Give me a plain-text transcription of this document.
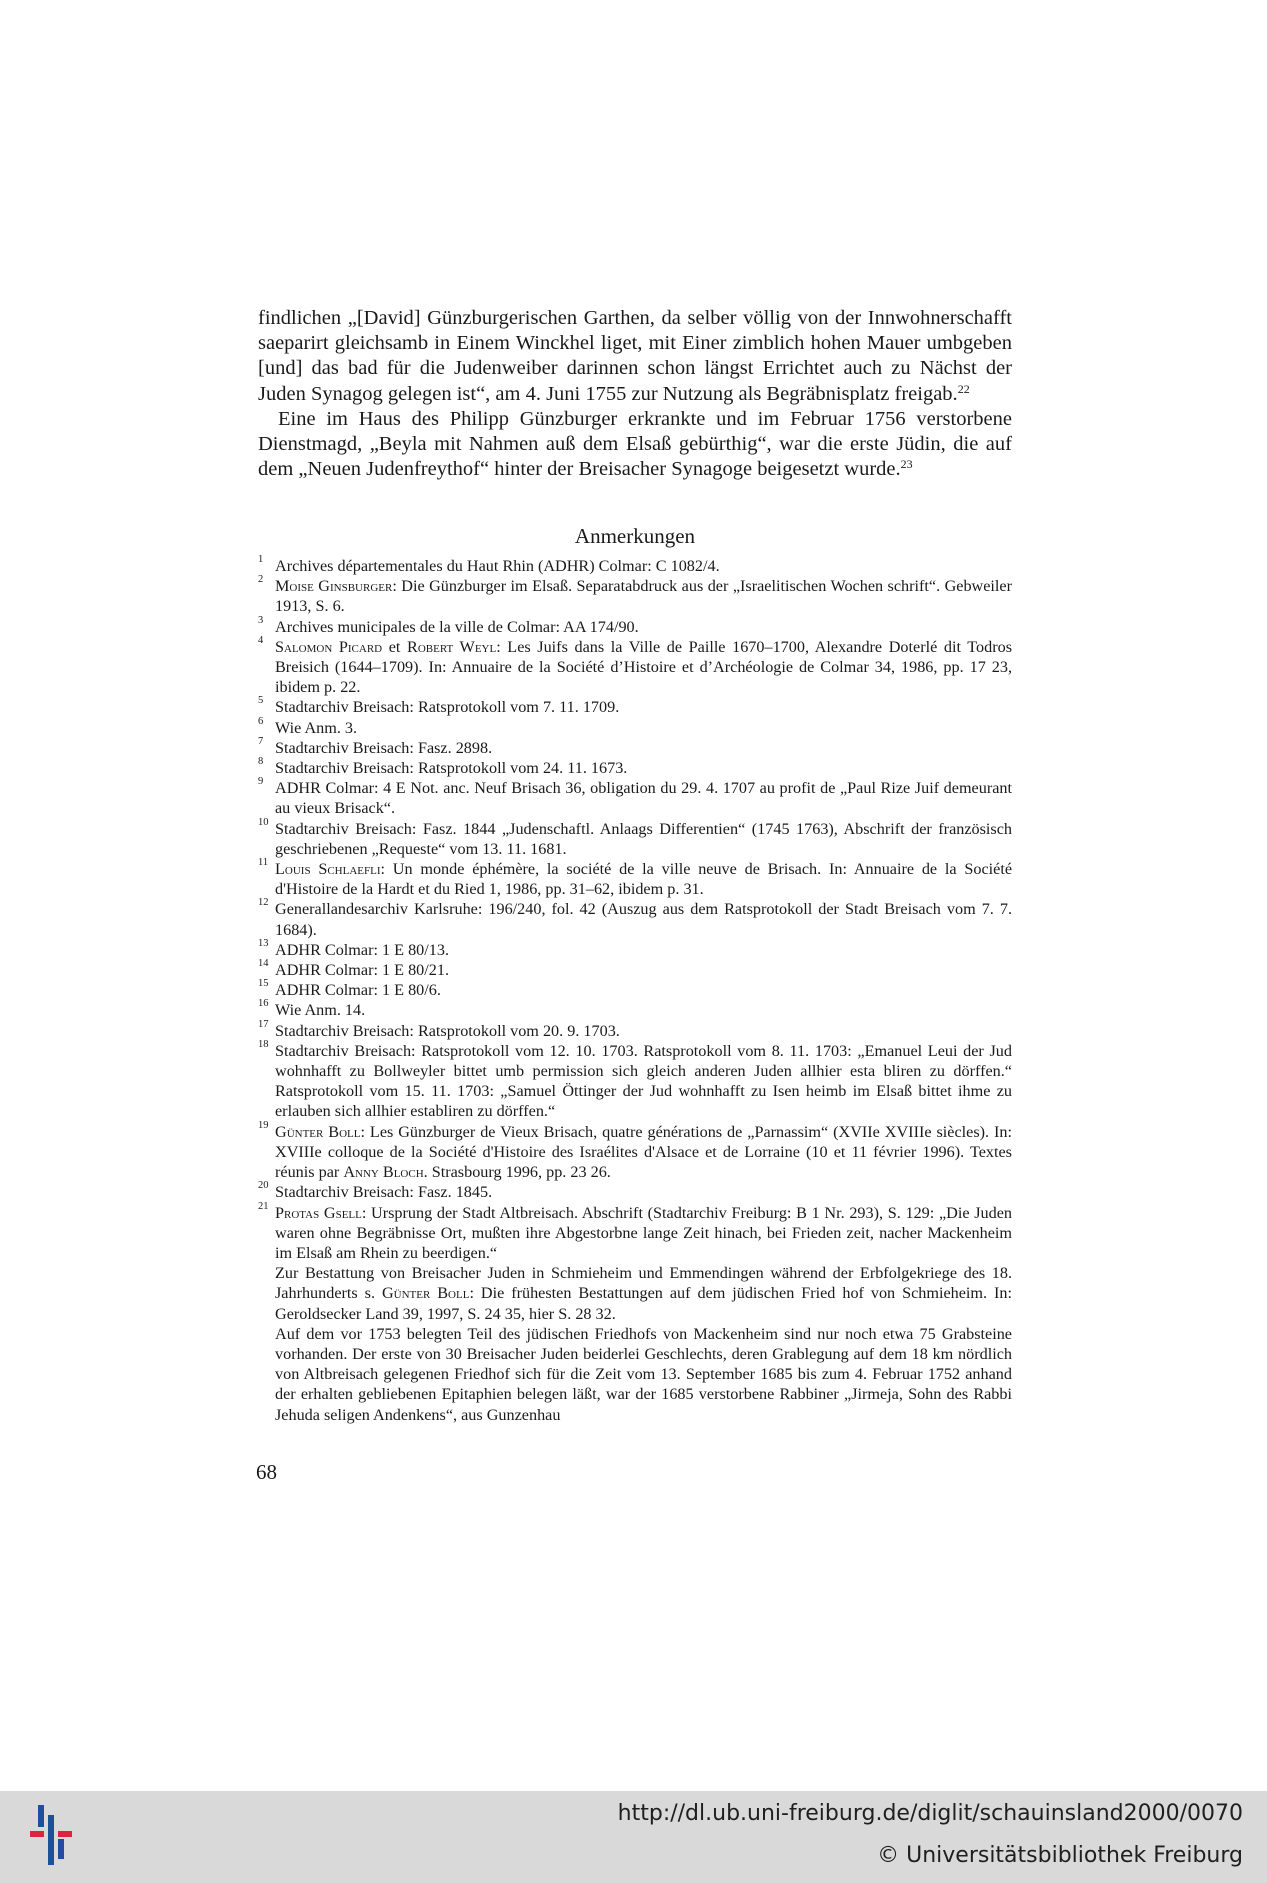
findlichen „[David] Günzburgerischen Garthen, da selber völlig von der Innwohnerschafft saeparirt gleichsamb in Einem Winckhel liget, mit Einer zimblich hohen Mauer umbgeben [und] das bad für die Judenweiber darinnen schon längst Errichtet auch zu Nächst der Juden Synagog gelegen ist“, am 4. Juni 1755 zur Nutzung als Begräbnisplatz freigab.$^{22}$

Eine im Haus des Philipp Günzburger erkrankte und im Februar 1756 verstorbene Dienstmagd, „Beyla mit Nahmen auß dem Elsaß gebürthig“, war die erste Jüdin, die auf dem „Neuen Judenfreythof“ hinter der Breisacher Synagoge beigesetzt wurde.$^{23}$

Anmerkungen

1 Archives départementales du Haut Rhin (ADHR) Colmar: C 1082/4.

2 Moise Ginsburger: Die Günzburger im Elsaß. Separatabdruck aus der „Israelitischen Wochen schrift“. Gebweiler 1913, S. 6.

3 Archives municipales de la ville de Colmar: AA 174/90.

4 Salomon Picard et Robert Weyl: Les Juifs dans la Ville de Paille 1670–1700, Alexandre Doterlé dit Todros Breisich (1644–1709). In: Annuaire de la Société d’Histoire et d’Archéologie de Colmar 34, 1986, pp. 17 23, ibidem p. 22.

5 Stadtarchiv Breisach: Ratsprotokoll vom 7. 11. 1709.

6 Wie Anm. 3.

7 Stadtarchiv Breisach: Fasz. 2898.

8 Stadtarchiv Breisach: Ratsprotokoll vom 24. 11. 1673.

9 ADHR Colmar: 4 E Not. anc. Neuf Brisach 36, obligation du 29. 4. 1707 au profit de „Paul Rize Juif demeurant au vieux Brisack“.

10 Stadtarchiv Breisach: Fasz. 1844 „Judenschaftl. Anlaags Differentien“ (1745 1763), Abschrift der französisch geschriebenen „Requeste“ vom 13. 11. 1681.

11 Louis Schlaefli: Un monde éphémère, la société de la ville neuve de Brisach. In: Annuaire de la Société d'Histoire de la Hardt et du Ried 1, 1986, pp. 31–62, ibidem p. 31.

12 Generallandesarchiv Karlsruhe: 196/240, fol. 42 (Auszug aus dem Ratsprotokoll der Stadt Breisach vom 7. 7. 1684).

13 ADHR Colmar: 1 E 80/13.

14 ADHR Colmar: 1 E 80/21.

15 ADHR Colmar: 1 E 80/6.

16 Wie Anm. 14.

17 Stadtarchiv Breisach: Ratsprotokoll vom 20. 9. 1703.

18 Stadtarchiv Breisach: Ratsprotokoll vom 12. 10. 1703. Ratsprotokoll vom 8. 11. 1703: „Emanuel Leui der Jud wohnhafft zu Bollweyler bittet umb permission sich gleich anderen Juden allhier esta bliren zu dörffen.“ Ratsprotokoll vom 15. 11. 1703: „Samuel Öttinger der Jud wohnhafft zu Isen heimb im Elsaß bittet ihme zu erlauben sich allhier establiren zu dörffen.“

19 Günter Boll: Les Günzburger de Vieux Brisach, quatre générations de „Parnassim“ (XVIIe XVIIIe siècles). In: XVIIIe colloque de la Société d'Histoire des Israélites d'Alsace et de Lorraine (10 et 11 février 1996). Textes réunis par Anny Bloch. Strasbourg 1996, pp. 23 26.

20 Stadtarchiv Breisach: Fasz. 1845.

21 Protas Gsell: Ursprung der Stadt Altbreisach. Abschrift (Stadtarchiv Freiburg: B 1 Nr. 293), S. 129: „Die Juden waren ohne Begräbnisse Ort, mußten ihre Abgestorbne lange Zeit hinach, bei Frieden zeit, nacher Mackenheim im Elsaß am Rhein zu beerdigen.“

Zur Bestattung von Breisacher Juden in Schmieheim und Emmendingen während der Erbfolgekriege des 18. Jahrhunderts s. Günter Boll: Die frühesten Bestattungen auf dem jüdischen Fried hof von Schmieheim. In: Geroldsecker Land 39, 1997, S. 24 35, hier S. 28 32.

Auf dem vor 1753 belegten Teil des jüdischen Friedhofs von Mackenheim sind nur noch etwa 75 Grabsteine vorhanden. Der erste von 30 Breisacher Juden beiderlei Geschlechts, deren Grablegung auf dem 18 km nördlich von Altbreisach gelegenen Friedhof sich für die Zeit vom 13. September 1685 bis zum 4. Februar 1752 anhand der erhalten gebliebenen Epitaphien belegen läßt, war der 1685 verstorbene Rabbiner „Jirmeja, Sohn des Rabbi Jehuda seligen Andenkens“, aus Gunzenhau

68
http://dl.ub.uni-freiburg.de/diglit/schauinsland2000/0070
© Universitätsbibliothek Freiburg
